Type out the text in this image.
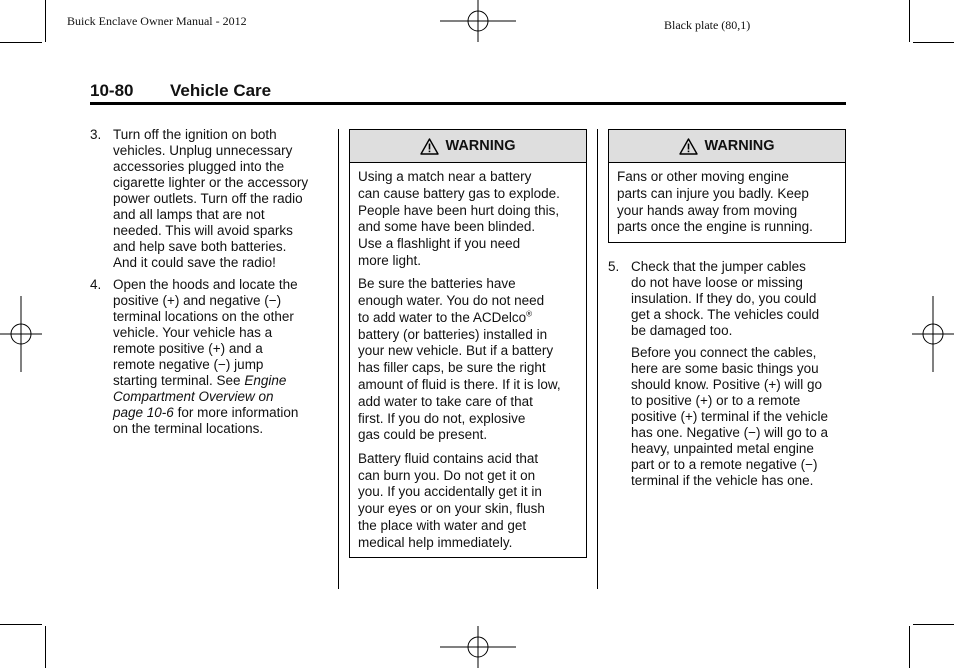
Buick Enclave Owner Manual - 2012	Black plate (80,1)
10-80 Vehicle Care
3. Turn off the ignition on both

vehicles. Unplug unnecessary

accessories plugged into the

cigarette lighter or the accessory

power outlets. Turn off the radio

and all lamps that are not

needed. This will avoid sparks

and help save both batteries.

And it could save the radio!

4. Open the hoods and locate the

positive (+) and negative (−)

terminal locations on the other

vehicle. Your vehicle has a

remote positive (+) and a

remote negative (−) jump

starting terminal. See Engine

Compartment Overview on

page 10-6 for more information

on the terminal locations.

WARNING

Using a match near a battery
can cause battery gas to explode.
People have been hurt doing this,
and some have been blinded.
Use a flashlight if you need
more light.

Be sure the batteries have
enough water. You do not need
to add water to the ACDelco®
battery (or batteries) installed in
your new vehicle. But if a battery
has filler caps, be sure the right
amount of fluid is there. If it is low,
add water to take care of that
first. If you do not, explosive
gas could be present.

Battery fluid contains acid that
can burn you. Do not get it on
you. If you accidentally get it in
your eyes or on your skin, flush
the place with water and get
medical help immediately.

WARNING

Fans or other moving engine
parts can injure you badly. Keep
your hands away from moving
parts once the engine is running.

5. Check that the jumper cables

do not have loose or missing

insulation. If they do, you could

get a shock. The vehicles could

be damaged too.

Before you connect the cables,

here are some basic things you

should know. Positive (+) will go

to positive (+) or to a remote

positive (+) terminal if the vehicle

has one. Negative (−) will go to a

heavy, unpainted metal engine

part or to a remote negative (−)

terminal if the vehicle has one.
